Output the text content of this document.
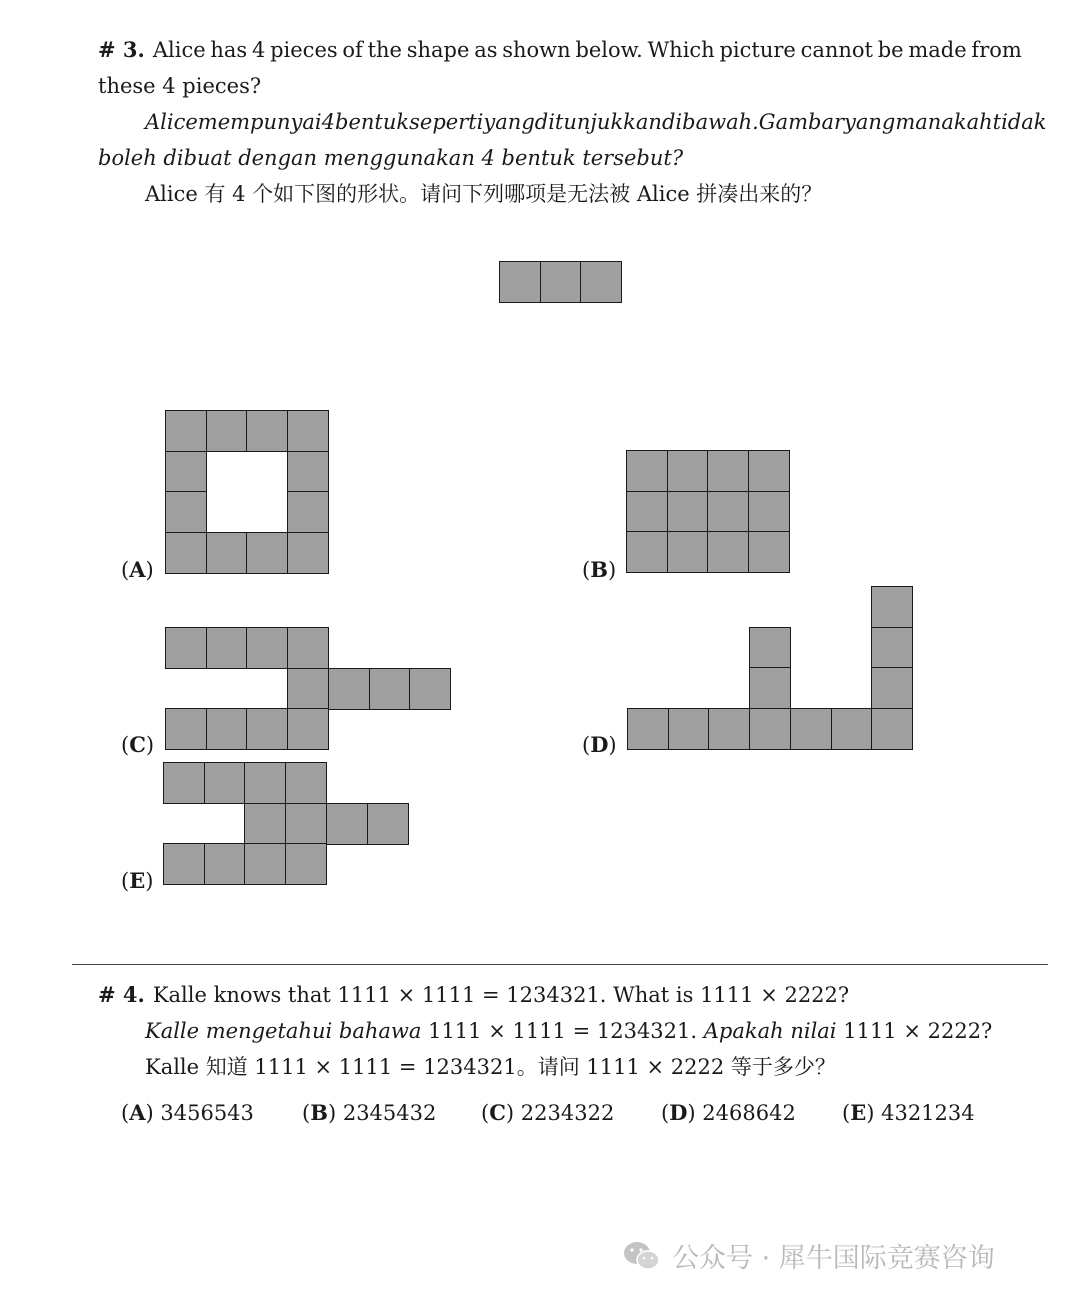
# 3. Alice has 4 pieces of the shape as shown below. Which picture cannot be made from
these 4 pieces?
Alice mempunyai 4 bentuk seperti yang ditunjukkan di bawah. Gambar yang manakah tidak
boleh dibuat dengan menggunakan 4 bentuk tersebut?
Alice 有 4 个如下图的形状。请问下列哪项是无法被 Alice 拼凑出来的？
(A)	(B)
(C)	(D)
(E)
# 4. Kalle knows that 1111 × 1111 = 1234321. What is 1111 × 2222?
Kalle mengetahui bahawa 1111 × 1111 = 1234321. Apakah nilai 1111 × 2222?
Kalle 知道 1111 × 1111 = 1234321。请问 1111 × 2222 等于多少？
(A) 3456543 (B) 2345432 (C) 2234322 (D) 2468642 (E) 4321234
公众号 · 犀牛国际竞赛咨询
